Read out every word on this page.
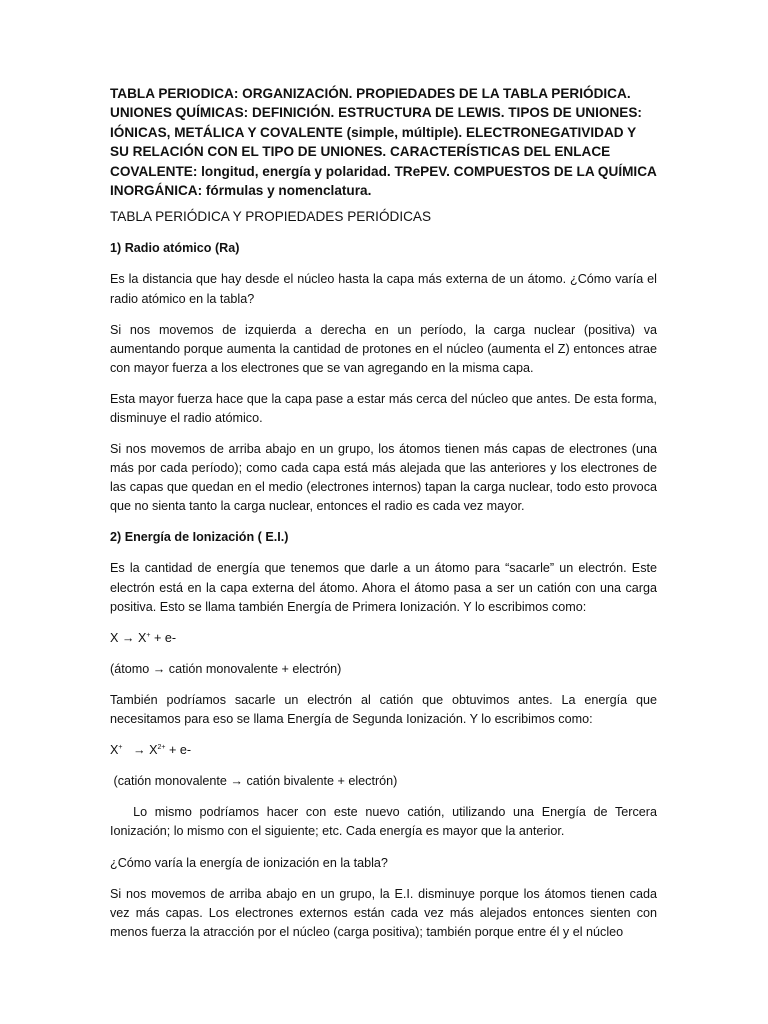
TABLA PERIODICA: ORGANIZACIÓN. PROPIEDADES DE LA TABLA PERIÓDICA. UNIONES QUÍMICAS: DEFINICIÓN. ESTRUCTURA DE LEWIS. TIPOS DE UNIONES: IÓNICAS, METÁLICA Y COVALENTE (simple, múltiple). ELECTRONEGATIVIDAD Y SU RELACIÓN CON EL TIPO DE UNIONES. CARACTERÍSTICAS DEL ENLACE COVALENTE: longitud, energía y polaridad. TRePEV. COMPUESTOS DE LA QUÍMICA INORGÁNICA: fórmulas y nomenclatura.
TABLA PERIÓDICA Y PROPIEDADES PERIÓDICAS
1) Radio atómico (Ra)

Es la distancia que hay desde el núcleo hasta la capa más externa de un átomo. ¿Cómo varía el radio atómico en la tabla?

Si nos movemos de izquierda a derecha en un período, la carga nuclear (positiva) va aumentando porque aumenta la cantidad de protones en el núcleo (aumenta el Z) entonces atrae con mayor fuerza a los electrones que se van agregando en la misma capa.

Esta mayor fuerza hace que la capa pase a estar más cerca del núcleo que antes. De esta forma, disminuye el radio atómico.

Si nos movemos de arriba abajo en un grupo, los átomos tienen más capas de electrones (una más por cada período); como cada capa está más alejada que las anteriores y los electrones de las capas que quedan en el medio (electrones internos) tapan la carga nuclear, todo esto provoca que no sienta tanto la carga nuclear, entonces el radio es cada vez mayor.

2) Energía de Ionización ( E.I.)

Es la cantidad de energía que tenemos que darle a un átomo para “sacarle” un electrón. Este electrón está en la capa externa del átomo. Ahora el átomo pasa a ser un catión con una carga positiva. Esto se llama también Energía de Primera Ionización. Y lo escribimos como:

X → X+ + e-

(átomo → catión monovalente + electrón)

También podríamos sacarle un electrón al catión que obtuvimos antes. La energía que necesitamos para eso se llama Energía de Segunda Ionización. Y lo escribimos como:

$X^+ \to X^{2+} + e-$

(catión monovalente → catión bivalente + electrón)

Lo mismo podríamos hacer con este nuevo catión, utilizando una Energía de Tercera Ionización; lo mismo con el siguiente; etc. Cada energía es mayor que la anterior.

¿Cómo varía la energía de ionización en la tabla?

Si nos movemos de arriba abajo en un grupo, la E.I. disminuye porque los átomos tienen cada vez más capas. Los electrones externos están cada vez más alejados entonces sienten con menos fuerza la atracción por el núcleo (carga positiva); también porque entre él y el núcleo
